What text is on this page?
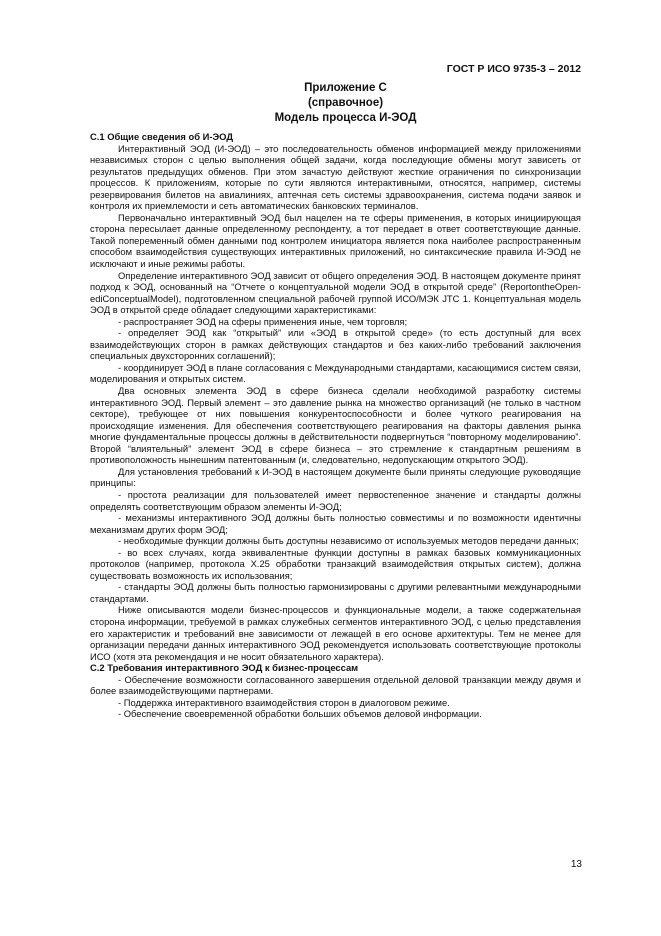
ГОСТ Р ИСО 9735-3 – 2012
Приложение С
(справочное)
Модель процесса И-ЭОД

С.1 Общие сведения об И-ЭОД

Интерактивный ЭОД (И-ЭОД) – это последовательность обменов информацией между приложениями независимых сторон с целью выполнения общей задачи, когда последующие обмены могут зависеть от результатов предыдущих обменов. При этом зачастую действуют жесткие ограничения по синхронизации процессов. К приложениям, которые по сути являются интерактивными, относятся, например, системы резервирования билетов на авиалиниях, аптечная сеть системы здравоохранения, система подачи заявок и контроля их приемлемости и сеть автоматических банковских терминалов.

Первоначально интерактивный ЭОД был нацелен на те сферы применения, в которых инициирующая сторона пересылает данные определенному респонденту, а тот передает в ответ соответствующие данные. Такой попеременный обмен данными под контролем инициатора является пока наиболее распространенным способом взаимодействия существующих интерактивных приложений, но синтаксические правила И-ЭОД не исключают и иные режимы работы.

Определение интерактивного ЭОД зависит от общего определения ЭОД. В настоящем документе принят подход к ЭОД, основанный на “Отчете о концептуальной модели ЭОД в открытой среде” (ReportontheOpen-ediConceptualModel), подготовленном специальной рабочей группой ИСО/МЭК JTC 1. Концептуальная модель ЭОД в открытой среде обладает следующими характеристиками:

- распространяет ЭОД на сферы применения иные, чем торговля;

- определяет ЭОД как “открытый” или «ЭОД в открытой среде» (то есть доступный для всех взаимодействующих сторон в рамках действующих стандартов и без каких-либо требований заключения специальных двухсторонних соглашений);

- координирует ЭОД в плане согласования с Международными стандартами, касающимися систем связи, моделирования и открытых систем.

Два основных элемента ЭОД в сфере бизнеса сделали необходимой разработку системы интерактивного ЭОД. Первый элемент – это давление рынка на множество организаций (не только в частном секторе), требующее от них повышения конкурентоспособности и более чуткого реагирования на происходящие изменения. Для обеспечения соответствующего реагирования на факторы давления рынка многие фундаментальные процессы должны в действительности подвергнуться “повторному моделированию”. Второй “влиятельный” элемент ЭОД в сфере бизнеса – это стремление к стандартным решениям в противоположность нынешним патентованным (и, следовательно, недопускающим открытого ЭОД).

Для установления требований к И-ЭОД в настоящем документе были приняты следующие руководящие принципы:

- простота реализации для пользователей имеет первостепенное значение и стандарты должны определять соответствующим образом элементы И-ЭОД;

- механизмы интерактивного ЭОД должны быть полностью совместимы и по возможности идентичны механизмам других форм ЭОД;

- необходимые функции должны быть доступны независимо от используемых методов передачи данных;

- во всех случаях, когда эквивалентные функции доступны в рамках базовых коммуникационных протоколов (например, протокола X.25 обработки транзакций взаимодействия открытых систем), должна существовать возможность их использования;

- стандарты ЭОД должны быть полностью гармонизированы с другими релевантными международными стандартами.

Ниже описываются модели бизнес-процессов и функциональные модели, а также содержательная сторона информации, требуемой в рамках служебных сегментов интерактивного ЭОД, с целью представления его характеристик и требований вне зависимости от лежащей в его основе архитектуры. Тем не менее для организации передачи данных интерактивного ЭОД рекомендуется использовать соответствующие протоколы ИСО (хотя эта рекомендация и не носит обязательного характера).

С.2 Требования интерактивного ЭОД к бизнес-процессам

- Обеспечение возможности согласованного завершения отдельной деловой транзакции между двумя и более взаимодействующими партнерами.

- Поддержка интерактивного взаимодействия сторон в диалоговом режиме.

- Обеспечение своевременной обработки больших объемов деловой информации.

13
